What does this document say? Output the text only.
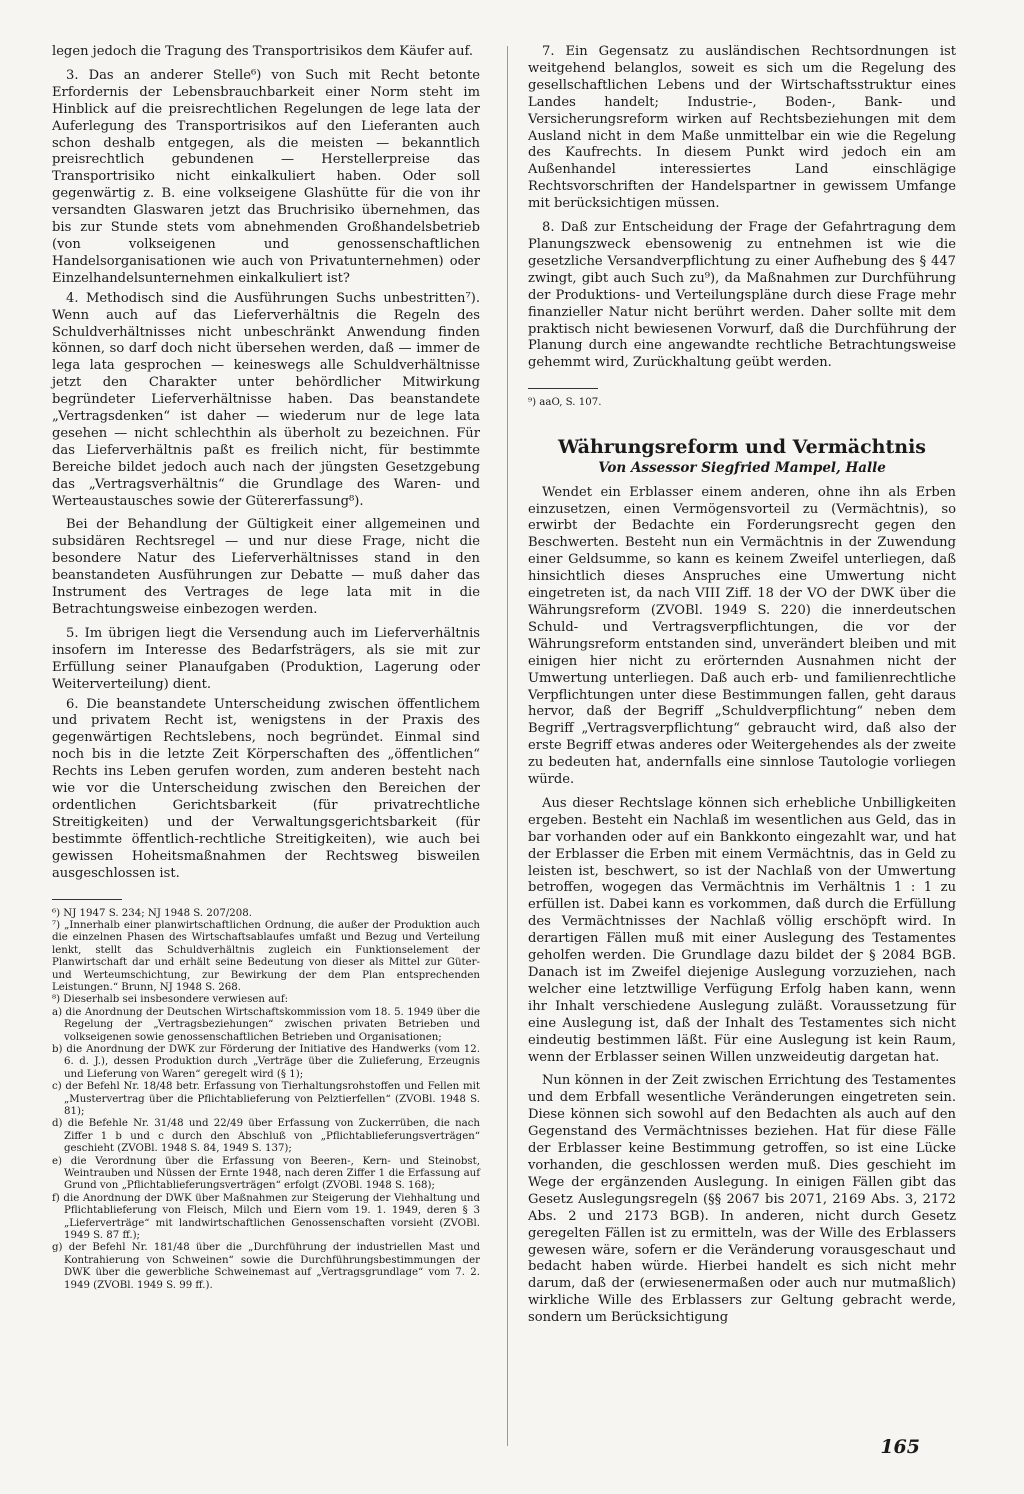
legen jedoch die Tragung des Transportrisikos dem Käufer auf.

3. Das an anderer Stelle⁶) von Such mit Recht betonte Erfordernis der Lebensbrauchbarkeit einer Norm steht im Hinblick auf die preisrechtlichen Regelungen de lege lata der Auferlegung des Transportrisikos auf den Lieferanten auch schon deshalb entgegen, als die meisten — bekanntlich preisrechtlich gebundenen — Herstellerpreise das Transportrisiko nicht einkalkuliert haben. Oder soll gegenwärtig z. B. eine volkseigene Glashütte für die von ihr versandten Glaswaren jetzt das Bruchrisiko übernehmen, das bis zur Stunde stets vom abnehmenden Großhandelsbetrieb (von volkseigenen und genossenschaftlichen Handelsorganisationen wie auch von Privatunternehmen) oder Einzelhandelsunternehmen einkalkuliert ist?

4. Methodisch sind die Ausführungen Suchs unbestritten⁷). Wenn auch auf das Lieferverhältnis die Regeln des Schuldverhältnisses nicht unbeschränkt Anwendung finden können, so darf doch nicht übersehen werden, daß — immer de lega lata gesprochen — keineswegs alle Schuldverhältnisse jetzt den Charakter unter behördlicher Mitwirkung begründeter Lieferverhältnisse haben. Das beanstandete „Vertragsdenken“ ist daher — wiederum nur de lege lata gesehen — nicht schlechthin als überholt zu bezeichnen. Für das Lieferverhältnis paßt es freilich nicht, für bestimmte Bereiche bildet jedoch auch nach der jüngsten Gesetzgebung das „Vertragsverhältnis“ die Grundlage des Waren- und Werteaustausches sowie der Gütererfassung⁸).

Bei der Behandlung der Gültigkeit einer allgemeinen und subsidären Rechtsregel — und nur diese Frage, nicht die besondere Natur des Lieferverhältnisses stand in den beanstandeten Ausführungen zur Debatte — muß daher das Instrument des Vertrages de lege lata mit in die Betrachtungsweise einbezogen werden.

5. Im übrigen liegt die Versendung auch im Lieferverhältnis insofern im Interesse des Bedarfsträgers, als sie mit zur Erfüllung seiner Planaufgaben (Produktion, Lagerung oder Weiterverteilung) dient.

6. Die beanstandete Unterscheidung zwischen öffentlichem und privatem Recht ist, wenigstens in der Praxis des gegenwärtigen Rechtslebens, noch begründet. Einmal sind noch bis in die letzte Zeit Körperschaften des „öffentlichen“ Rechts ins Leben gerufen worden, zum anderen besteht nach wie vor die Unterscheidung zwischen den Bereichen der ordentlichen Gerichtsbarkeit (für privatrechtliche Streitigkeiten) und der Verwaltungsgerichtsbarkeit (für bestimmte öffentlich-rechtliche Streitigkeiten), wie auch bei gewissen Hoheitsmaßnahmen der Rechtsweg bisweilen ausgeschlossen ist.

⁶) NJ 1947 S. 234; NJ 1948 S. 207/208.

⁷) „Innerhalb einer planwirtschaftlichen Ordnung, die außer der Produktion auch die einzelnen Phasen des Wirtschaftsablaufes umfaßt und Bezug und Verteilung lenkt, stellt das Schuldverhältnis zugleich ein Funktionselement der Planwirtschaft dar und erhält seine Bedeutung von dieser als Mittel zur Güter- und Werteumschichtung, zur Bewirkung der dem Plan entsprechenden Leistungen.“ Brunn, NJ 1948 S. 268.

⁸) Dieserhalb sei insbesondere verwiesen auf:

a) die Anordnung der Deutschen Wirtschaftskommission vom 18. 5. 1949 über die Regelung der „Vertragsbeziehungen“ zwischen privaten Betrieben und volkseigenen sowie genossenschaftlichen Betrieben und Organisationen;

b) die Anordnung der DWK zur Förderung der Initiative des Handwerks (vom 12. 6. d. J.), dessen Produktion durch „Verträge über die Zulieferung, Erzeugnis und Lieferung von Waren“ geregelt wird (§ 1);

c) der Befehl Nr. 18/48 betr. Erfassung von Tierhaltungsrohstoffen und Fellen mit „Mustervertrag über die Pflichtablieferung von Pelztierfellen“ (ZVOBl. 1948 S. 81);

d) die Befehle Nr. 31/48 und 22/49 über Erfassung von Zuckerrüben, die nach Ziffer 1 b und c durch den Abschluß von „Pflichtablieferungsverträgen“ geschieht (ZVOBl. 1948 S. 84, 1949 S. 137);

e) die Verordnung über die Erfassung von Beeren-, Kern- und Steinobst, Weintrauben und Nüssen der Ernte 1948, nach deren Ziffer 1 die Erfassung auf Grund von „Pflichtablieferungsverträgen“ erfolgt (ZVOBl. 1948 S. 168);

f) die Anordnung der DWK über Maßnahmen zur Steigerung der Viehhaltung und Pflichtablieferung von Fleisch, Milch und Eiern vom 19. 1. 1949, deren § 3 „Lieferverträge“ mit landwirtschaftlichen Genossenschaften vorsieht (ZVOBl. 1949 S. 87 ff.);

g) der Befehl Nr. 181/48 über die „Durchführung der industriellen Mast und Kontrahierung von Schweinen“ sowie die Durchführungsbestimmungen der DWK über die gewerbliche Schweinemast auf „Vertragsgrundlage“ vom 7. 2. 1949 (ZVOBl. 1949 S. 99 ff.).

7. Ein Gegensatz zu ausländischen Rechtsordnungen ist weitgehend belanglos, soweit es sich um die Regelung des gesellschaftlichen Lebens und der Wirtschaftsstruktur eines Landes handelt; Industrie-, Boden-, Bank- und Versicherungsreform wirken auf Rechtsbeziehungen mit dem Ausland nicht in dem Maße unmittelbar ein wie die Regelung des Kaufrechts. In diesem Punkt wird jedoch ein am Außenhandel interessiertes Land einschlägige Rechtsvorschriften der Handelspartner in gewissem Umfange mit berücksichtigen müssen.

8. Daß zur Entscheidung der Frage der Gefahrtragung dem Planungszweck ebensowenig zu entnehmen ist wie die gesetzliche Versandverpflichtung zu einer Aufhebung des § 447 zwingt, gibt auch Such zu⁹), da Maßnahmen zur Durchführung der Produktions- und Verteilungspläne durch diese Frage mehr finanzieller Natur nicht berührt werden. Daher sollte mit dem praktisch nicht bewiesenen Vorwurf, daß die Durchführung der Planung durch eine angewandte rechtliche Betrachtungsweise gehemmt wird, Zurückhaltung geübt werden.

⁹) aaO, S. 107.

Währungsreform und Vermächtnis
Von Assessor Siegfried Mampel, Halle

Wendet ein Erblasser einem anderen, ohne ihn als Erben einzusetzen, einen Vermögensvorteil zu (Vermächtnis), so erwirbt der Bedachte ein Forderungsrecht gegen den Beschwerten. Besteht nun ein Vermächtnis in der Zuwendung einer Geldsumme, so kann es keinem Zweifel unterliegen, daß hinsichtlich dieses Anspruches eine Umwertung nicht eingetreten ist, da nach VIII Ziff. 18 der VO der DWK über die Währungsreform (ZVOBl. 1949 S. 220) die innerdeutschen Schuld- und Vertragsverpflichtungen, die vor der Währungsreform entstanden sind, unverändert bleiben und mit einigen hier nicht zu erörternden Ausnahmen nicht der Umwertung unterliegen. Daß auch erb- und familienrechtliche Verpflichtungen unter diese Bestimmungen fallen, geht daraus hervor, daß der Begriff „Schuldverpflichtung“ neben dem Begriff „Vertragsverpflichtung“ gebraucht wird, daß also der erste Begriff etwas anderes oder Weitergehendes als der zweite zu bedeuten hat, andernfalls eine sinnlose Tautologie vorliegen würde.

Aus dieser Rechtslage können sich erhebliche Unbilligkeiten ergeben. Besteht ein Nachlaß im wesentlichen aus Geld, das in bar vorhanden oder auf ein Bankkonto eingezahlt war, und hat der Erblasser die Erben mit einem Vermächtnis, das in Geld zu leisten ist, beschwert, so ist der Nachlaß von der Umwertung betroffen, wogegen das Vermächtnis im Verhältnis 1 : 1 zu erfüllen ist. Dabei kann es vorkommen, daß durch die Erfüllung des Vermächtnisses der Nachlaß völlig erschöpft wird. In derartigen Fällen muß mit einer Auslegung des Testamentes geholfen werden. Die Grundlage dazu bildet der § 2084 BGB. Danach ist im Zweifel diejenige Auslegung vorzuziehen, nach welcher eine letztwillige Verfügung Erfolg haben kann, wenn ihr Inhalt verschiedene Auslegung zuläßt. Voraussetzung für eine Auslegung ist, daß der Inhalt des Testamentes sich nicht eindeutig bestimmen läßt. Für eine Auslegung ist kein Raum, wenn der Erblasser seinen Willen unzweideutig dargetan hat.

Nun können in der Zeit zwischen Errichtung des Testamentes und dem Erbfall wesentliche Veränderungen eingetreten sein. Diese können sich sowohl auf den Bedachten als auch auf den Gegenstand des Vermächtnisses beziehen. Hat für diese Fälle der Erblasser keine Bestimmung getroffen, so ist eine Lücke vorhanden, die geschlossen werden muß. Dies geschieht im Wege der ergänzenden Auslegung. In einigen Fällen gibt das Gesetz Auslegungsregeln (§§ 2067 bis 2071, 2169 Abs. 3, 2172 Abs. 2 und 2173 BGB). In anderen, nicht durch Gesetz geregelten Fällen ist zu ermitteln, was der Wille des Erblassers gewesen wäre, sofern er die Veränderung vorausgeschaut und bedacht haben würde. Hierbei handelt es sich nicht mehr darum, daß der (erwiesenermaßen oder auch nur mutmaßlich) wirkliche Wille des Erblassers zur Geltung gebracht werde, sondern um Berücksichtigung

165
